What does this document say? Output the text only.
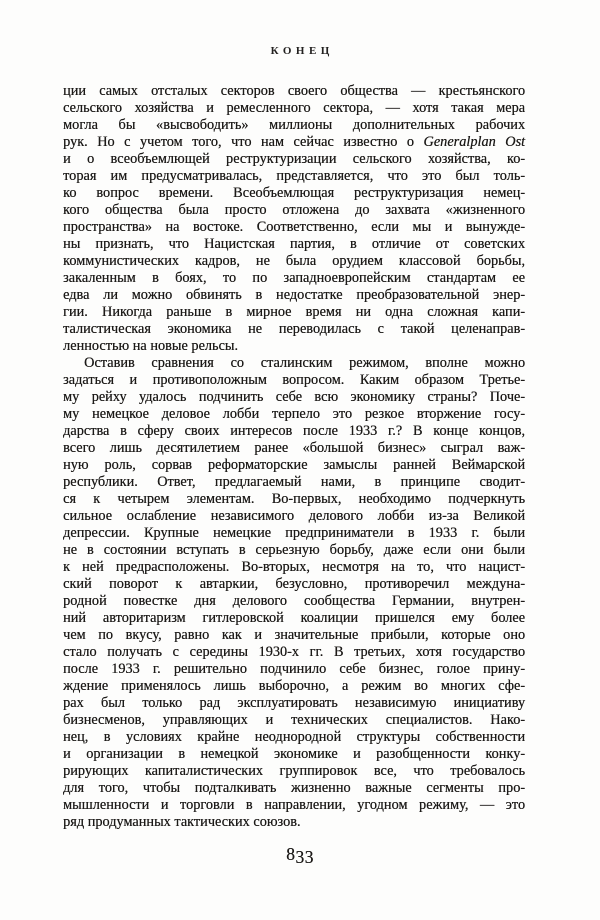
КОНЕЦ
ции самых отсталых секторов своего общества — крестьянского
сельского хозяйства и ремесленного сектора, — хотя такая мера
могла бы «высвободить» миллионы дополнительных рабочих
рук. Но с учетом того, что нам сейчас известно о Generalplan Ost
и о всеобъемлющей реструктуризации сельского хозяйства, ко-
торая им предусматривалась, представляется, что это был толь-
ко вопрос времени. Всеобъемлющая реструктуризация немец-
кого общества была просто отложена до захвата «жизненного
пространства» на востоке. Соответственно, если мы и вынужде-
ны признать, что Нацистская партия, в отличие от советских
коммунистических кадров, не была орудием классовой борьбы,
закаленным в боях, то по западноевропейским стандартам ее
едва ли можно обвинять в недостатке преобразовательной энер-
гии. Никогда раньше в мирное время ни одна сложная капи-
талистическая экономика не переводилась с такой целенаправ-
ленностью на новые рельсы.
Оставив сравнения со сталинским режимом, вполне можно
задаться и противоположным вопросом. Каким образом Третье-
му рейху удалось подчинить себе всю экономику страны? Поче-
му немецкое деловое лобби терпело это резкое вторжение госу-
дарства в сферу своих интересов после 1933 г.? В конце концов,
всего лишь десятилетием ранее «большой бизнес» сыграл важ-
ную роль, сорвав реформаторские замыслы ранней Веймарской
республики. Ответ, предлагаемый нами, в принципе сводит-
ся к четырем элементам. Во-первых, необходимо подчеркнуть
сильное ослабление независимого делового лобби из-за Великой
депрессии. Крупные немецкие предприниматели в 1933 г. были
не в состоянии вступать в серьезную борьбу, даже если они были
к ней предрасположены. Во-вторых, несмотря на то, что нацист-
ский поворот к автаркии, безусловно, противоречил междуна-
родной повестке дня делового сообщества Германии, внутрен-
ний авторитаризм гитлеровской коалиции пришелся ему более
чем по вкусу, равно как и значительные прибыли, которые оно
стало получать с середины 1930-х гг. В третьих, хотя государство
после 1933 г. решительно подчинило себе бизнес, голое прину-
ждение применялось лишь выборочно, а режим во многих сфе-
рах был только рад эксплуатировать независимую инициативу
бизнесменов, управляющих и технических специалистов. Нако-
нец, в условиях крайне неоднородной структуры собственности
и организации в немецкой экономике и разобщенности конку-
рирующих капиталистических группировок все, что требовалось
для того, чтобы подталкивать жизненно важные сегменты про-
мышленности и торговли в направлении, угодном режиму, — это
ряд продуманных тактических союзов.
833
